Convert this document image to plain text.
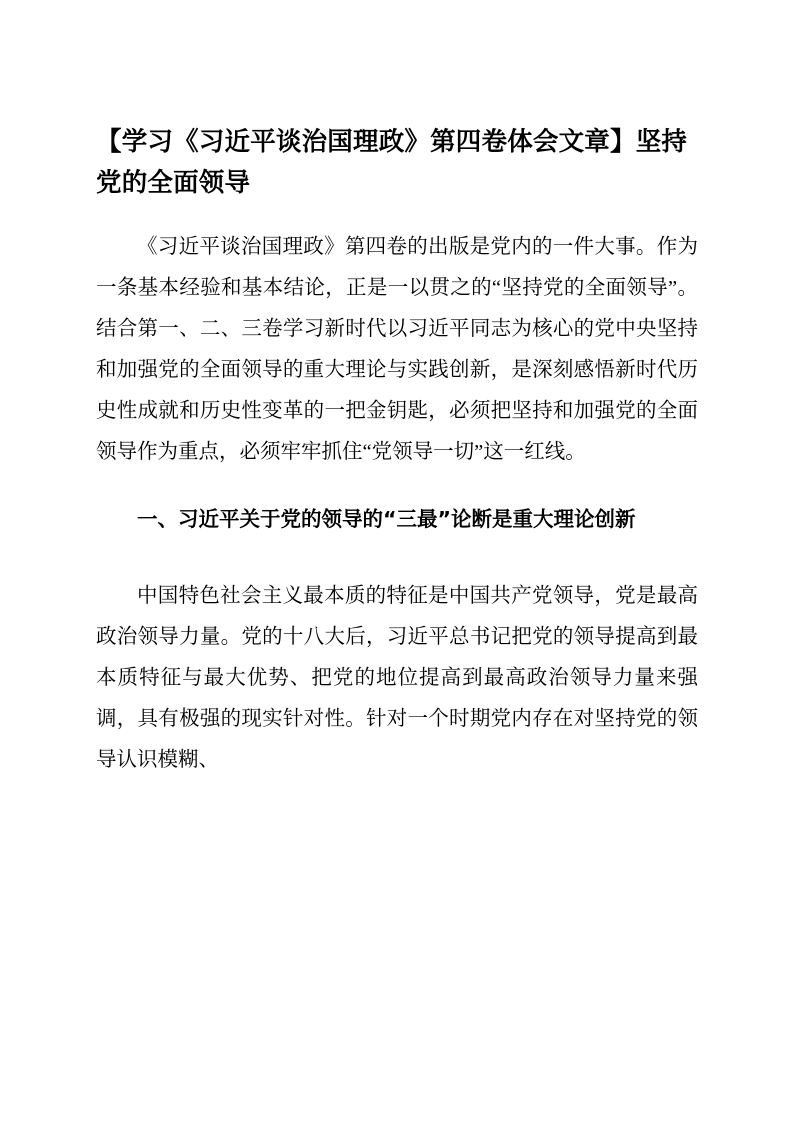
【学习《习近平谈治国理政》第四卷体会文章】坚持党的全面领导

《习近平谈治国理政》第四卷的出版是党内的一件大事。作为一条基本经验和基本结论，正是一以贯之的“坚持党的全面领导”。结合第一、二、三卷学习新时代以习近平同志为核心的党中央坚持和加强党的全面领导的重大理论与实践创新，是深刻感悟新时代历史性成就和历史性变革的一把金钥匙，必须把坚持和加强党的全面领导作为重点，必须牢牢抓住“党领导一切”这一红线。

一、习近平关于党的领导的“三最”论断是重大理论创新

中国特色社会主义最本质的特征是中国共产党领导，党是最高政治领导力量。党的十八大后，习近平总书记把党的领导提高到最本质特征与最大优势、把党的地位提高到最高政治领导力量来强调，具有极强的现实针对性。针对一个时期党内存在对坚持党的领导认识模糊、
